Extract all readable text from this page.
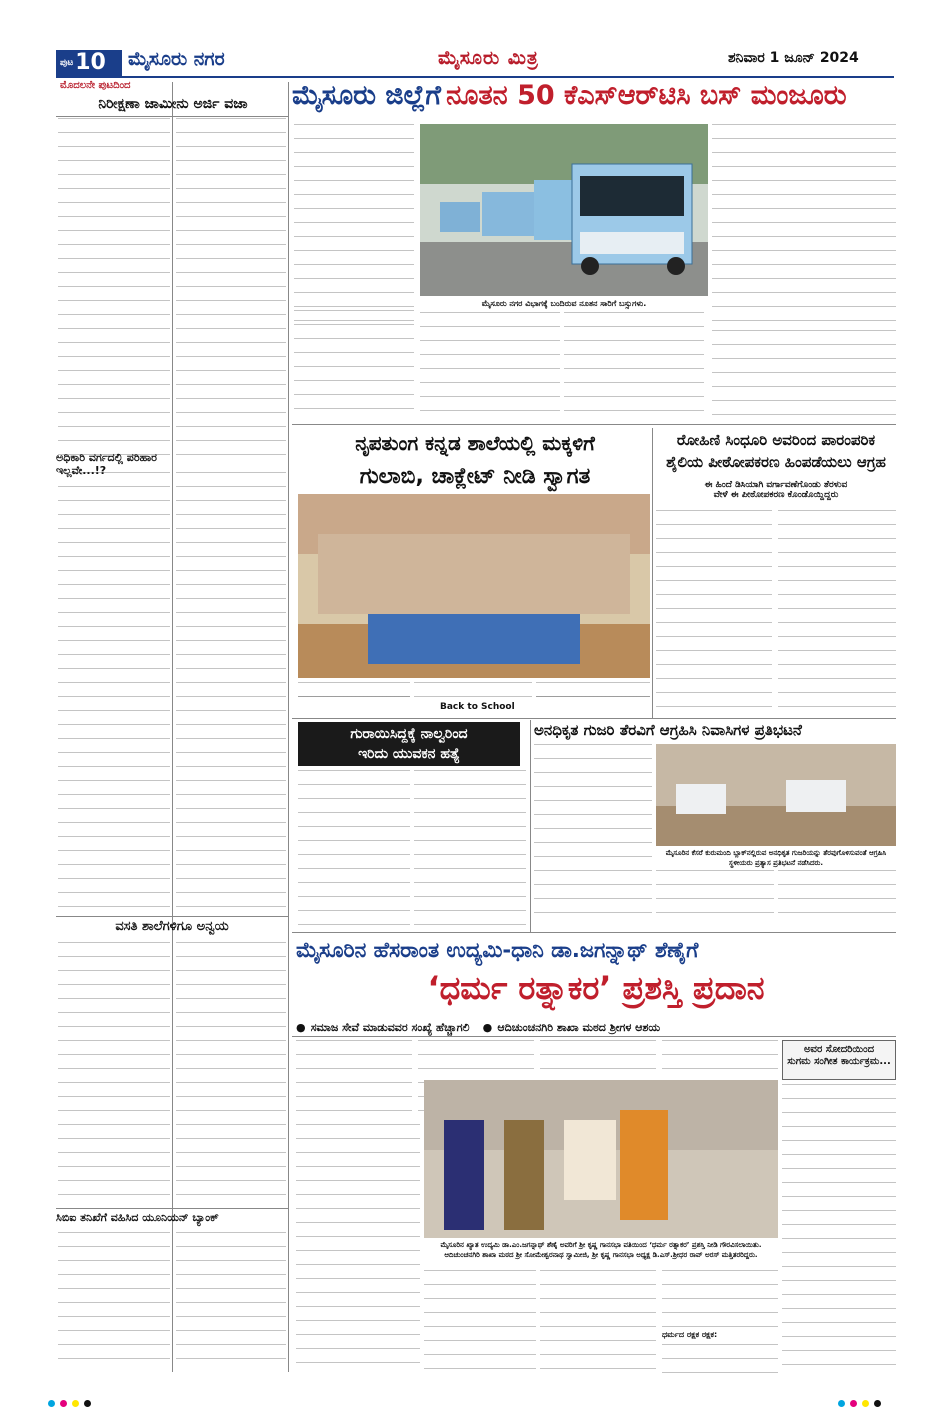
$^{ಪುಟ}$10	ಮೈಸೂರು ನಗರ	ಮೈಸೂರು ಮಿತ್ರ	ಶನಿವಾರ 1 ಜೂನ್ 2024
ಮೊದಲನೇ ಪುಟದಿಂದ
ನಿರೀಕ್ಷಣಾ ಜಾಮೀನು ಅರ್ಜಿ ವಜಾ
ಅಧಿಕಾರಿ ವರ್ಗದಲ್ಲಿ ಪರಿಹಾರ ಇಲ್ಲವೇ...!?
ವಸತಿ ಶಾಲೆಗಳಿಗೂ ಅನ್ವಯ
ಸಿಬಿಐ ತನಿಖೆಗೆ ವಹಿಸಿದ ಯೂನಿಯನ್ ಬ್ಯಾಂಕ್
ಮೈಸೂರು ಜಿಲ್ಲೆಗೆ ನೂತನ 50 ಕೆಎಸ್‌ಆರ್‌ಟಿಸಿ ಬಸ್ ಮಂಜೂರು
ಮೈಸೂರು ನಗರ ವಿಭಾಗಕ್ಕೆ ಬಂದಿರುವ ನೂತನ ಸಾರಿಗೆ ಬಸ್ಸುಗಳು.
ನೃಪತುಂಗ ಕನ್ನಡ ಶಾಲೆಯಲ್ಲಿ ಮಕ್ಕಳಿಗೆ
ಗುಲಾಬಿ, ಚಾಕ್ಲೇಟ್ ನೀಡಿ ಸ್ವಾಗತ
Back to School
ರೋಹಿಣಿ ಸಿಂಧೂರಿ ಅವರಿಂದ ಪಾರಂಪರಿಕ
ಶೈಲಿಯ ಪೀಠೋಪಕರಣ ಹಿಂಪಡೆಯಲು ಆಗ್ರಹ
ಈ ಹಿಂದೆ ಡಿಸಿಯಾಗಿ ವರ್ಗಾವಣೆಗೊಂಡು ತೆರಳುವ
ವೇಳೆ ಈ ಪೀಠೋಪಕರಣ ಕೊಂಡೊಯ್ದಿದ್ದರು
ಗುರಾಯಿಸಿದ್ದಕ್ಕೆ ನಾಲ್ವರಿಂದ
ಇರಿದು ಯುವಕನ ಹತ್ಯೆ
ಅನಧಿಕೃತ ಗುಜರಿ ತೆರವಿಗೆ ಆಗ್ರಹಿಸಿ ನಿವಾಸಿಗಳ ಪ್ರತಿಭಟನೆ
ಮೈಸೂರಿನ ಕೆಸರೆ ಕುರುಮಂದಿ ಬ್ಲಾಕ್‌ನಲ್ಲಿರುವ ಅನಧಿಕೃತ ಗುಜರಿಯನ್ನು ತೆರವುಗೊಳಿಸುವಂತೆ ಆಗ್ರಹಿಸಿ ಸ್ಥಳೀಯರು ಪ್ರತ್ಯಾಸ ಪ್ರತಿಭಟನೆ ನಡೆಸಿದರು.
ಮೈಸೂರಿನ ಹೆಸರಾಂತ ಉದ್ಯಮಿ-ಧಾನಿ ಡಾ.ಜಗನ್ನಾಥ್ ಶೆಣೈಗೆ
‘ಧರ್ಮ ರತ್ನಾಕರ’ ಪ್ರಶಸ್ತಿ ಪ್ರದಾನ
● ಸಮಾಜ ಸೇವೆ ಮಾಡುವವರ ಸಂಖ್ಯೆ ಹೆಚ್ಚಾಗಲಿ ● ಆದಿಚುಂಚನಗಿರಿ ಶಾಖಾ ಮಠದ ಶ್ರೀಗಳ ಆಶಯ
ಅವರ ಸೋದರಿಯಿಂದ
ಸುಗಮ ಸಂಗೀತ ಕಾರ್ಯಕ್ರಮ...
ಮೈಸೂರಿನ ಖ್ಯಾತ ಉದ್ಯಮಿ ಡಾ.ಎಂ.ಜಗನ್ನಾಥ್ ಶೆಣೈ ಅವರಿಗೆ ಶ್ರೀ ಕೃಷ್ಣ ಗಾನಸಭಾ ವತಿಯಿಂದ ‘ಧರ್ಮ ರತ್ನಾಕರ’ ಪ್ರಶಸ್ತಿ ನೀಡಿ ಗೌರವಿಸಲಾಯಿತು. ಆದಿಚುಂಚನಗಿರಿ ಶಾಖಾ ಮಠದ ಶ್ರೀ ಸೋಮೇಶ್ವರನಾಥ ಸ್ವಾಮೀಜಿ, ಶ್ರೀ ಕೃಷ್ಣ ಗಾನಸಭಾ ಅಧ್ಯಕ್ಷ ಡಿ.ಎಸ್.ಶ್ರೀಧರ ರಾವ್ ಅರಸ್ ಮತ್ತಿತರರಿದ್ದರು.
ಧರ್ಮದ ರಕ್ಷಕ ರಕ್ಷಕ:
